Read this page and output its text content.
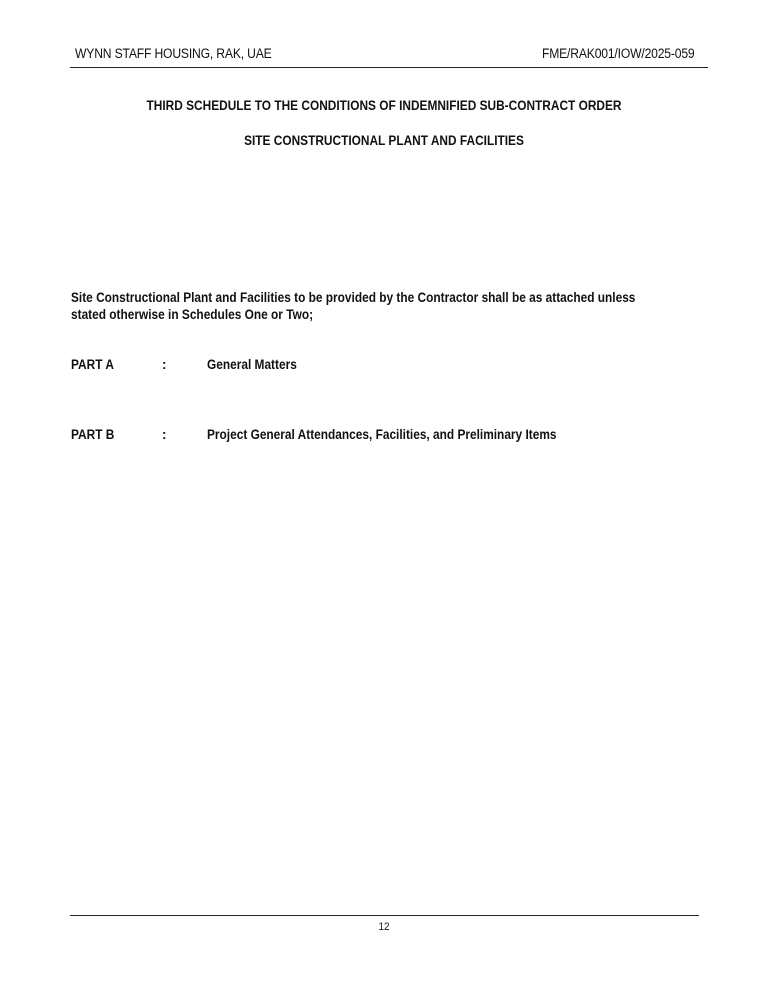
WYNN STAFF HOUSING, RAK, UAE	FME/RAK001/IOW/2025-059
THIRD SCHEDULE TO THE CONDITIONS OF INDEMNIFIED SUB-CONTRACT ORDER
SITE CONSTRUCTIONAL PLANT AND FACILITIES

Site Constructional Plant and Facilities to be provided by the Contractor shall be as attached unless

stated otherwise in Schedules One or Two;

PART A	:	General Matters
PART B	:	Project General Attendances, Facilities, and Preliminary Items
12
